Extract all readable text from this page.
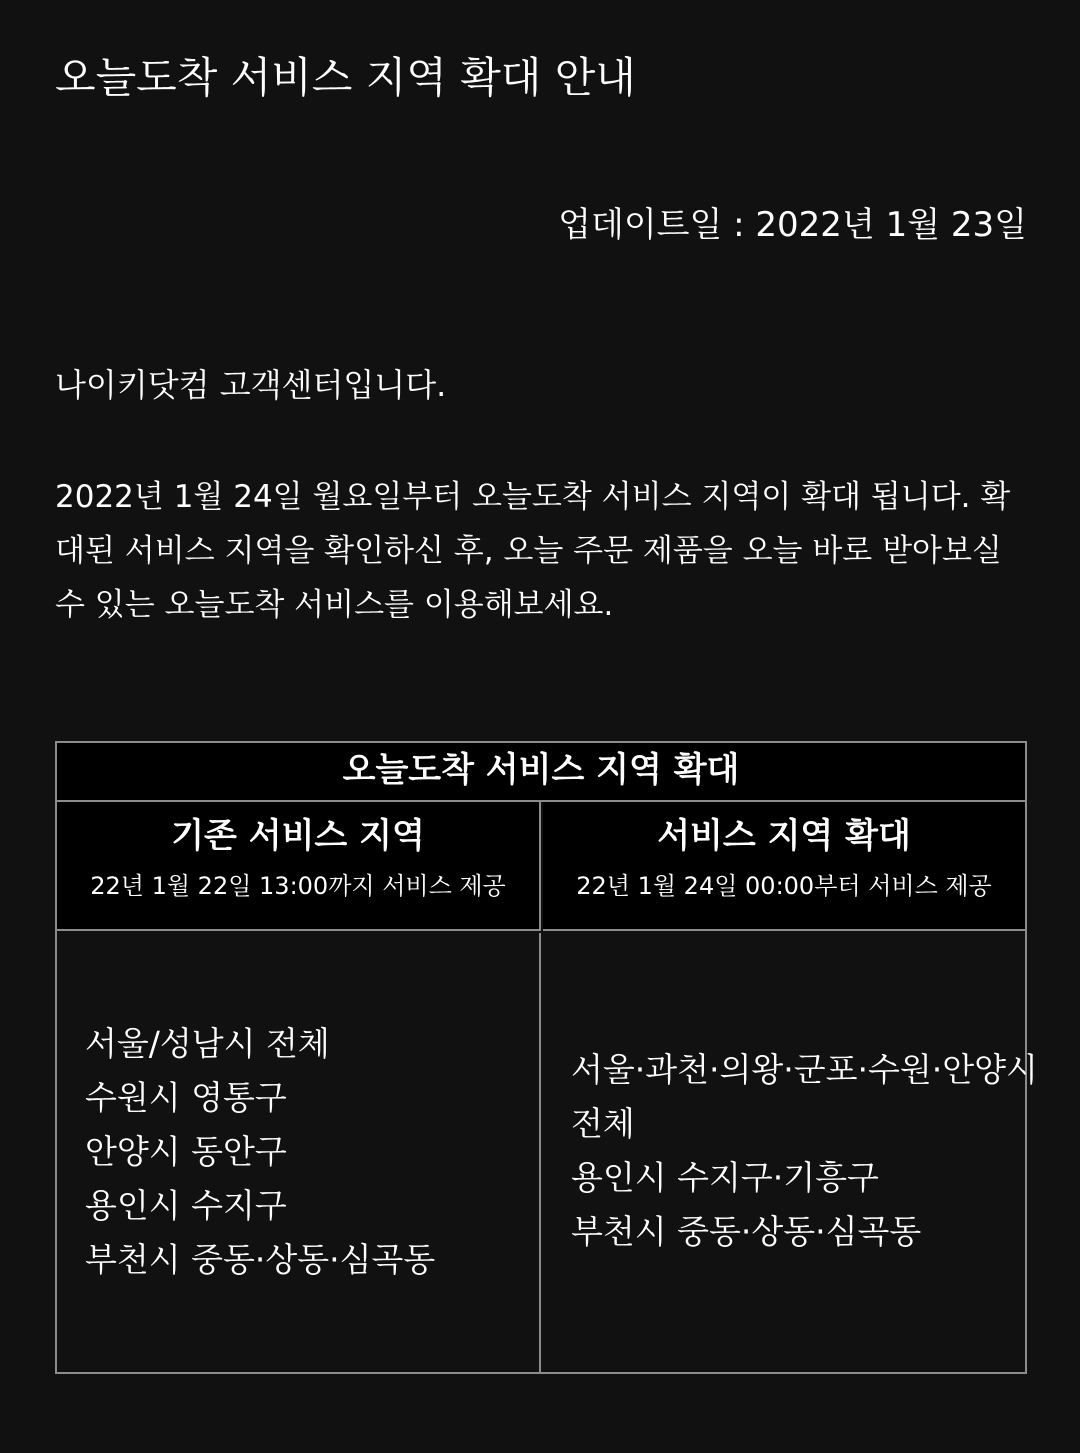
오늘도착 서비스 지역 확대 안내
업데이트일 : 2022년 1월 23일
나이키닷컴 고객센터입니다.
2022년 1월 24일 월요일부터 오늘도착 서비스 지역이 확대 됩니다. 확
대된 서비스 지역을 확인하신 후, 오늘 주문 제품을 오늘 바로 받아보실
수 있는 오늘도착 서비스를 이용해보세요.
오늘도착 서비스 지역 확대
기존 서비스 지역
22년 1월 22일 13:00까지 서비스 제공
서비스 지역 확대
22년 1월 24일 00:00부터 서비스 제공
서울/성남시 전체
수원시 영통구
안양시 동안구
용인시 수지구
부천시 중동·상동·심곡동
서울·과천·의왕·군포·수원·안양시
전체
용인시 수지구·기흥구
부천시 중동·상동·심곡동
